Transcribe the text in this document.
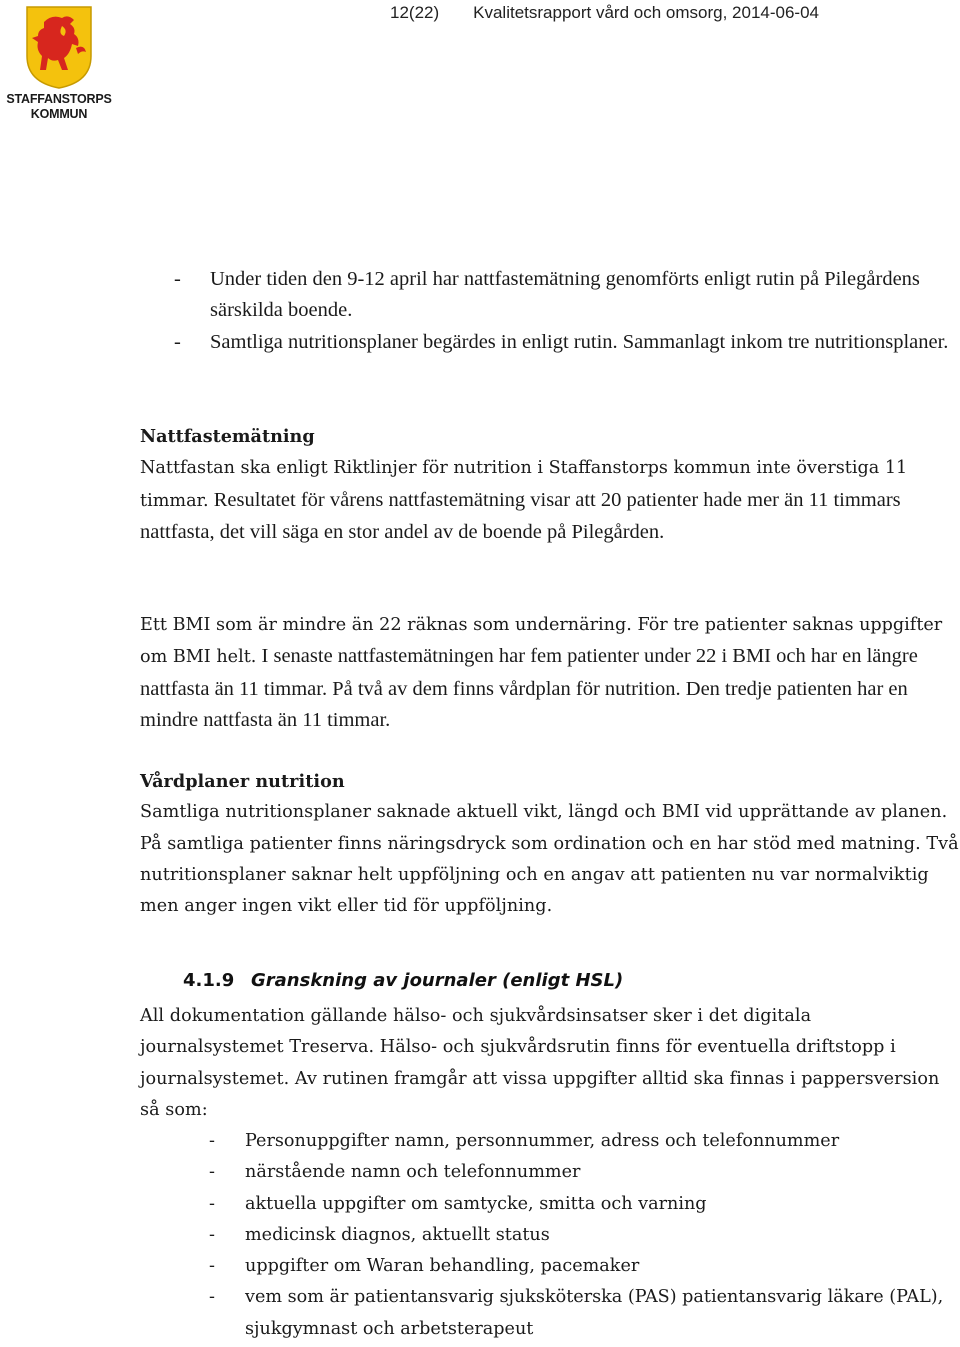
STAFFANSTORPS
KOMMUN
12(22) Kvalitetsrapport vård och omsorg, 2014-06-04
- Under tiden den 9-12 april har nattfastemätning genomförts enligt rutin på Pilegårdens särskilda boende.
- Samtliga nutritionsplaner begärdes in enligt rutin. Sammanlagt inkom tre nutritionsplaner.
Nattfastemätning
Nattfastan ska enligt Riktlinjer för nutrition i Staffanstorps kommun inte överstiga 11 timmar. Resultatet för vårens nattfastemätning visar att 20 patienter hade mer än 11 timmars nattfasta, det vill säga en stor andel av de boende på Pilegården.
Ett BMI som är mindre än 22 räknas som undernäring. För tre patienter saknas uppgifter om BMI helt. I senaste nattfastemätningen har fem patienter under 22 i BMI och har en längre nattfasta än 11 timmar. På två av dem finns vårdplan för nutrition. Den tredje patienten har en mindre nattfasta än 11 timmar.
Vårdplaner nutrition
Samtliga nutritionsplaner saknade aktuell vikt, längd och BMI vid upprättande av planen. På samtliga patienter finns näringsdryck som ordination och en har stöd med matning. Två nutritionsplaner saknar helt uppföljning och en angav att patienten nu var normalviktig men anger ingen vikt eller tid för uppföljning.
4.1.9 Granskning av journaler (enligt HSL)
All dokumentation gällande hälso- och sjukvårdsinsatser sker i det digitala journalsystemet Treserva. Hälso- och sjukvårdsrutin finns för eventuella driftstopp i journalsystemet. Av rutinen framgår att vissa uppgifter alltid ska finnas i pappersversion så som:
- Personuppgifter namn, personnummer, adress och telefonnummer
- närstående namn och telefonnummer
- aktuella uppgifter om samtycke, smitta och varning
- medicinsk diagnos, aktuellt status
- uppgifter om Waran behandling, pacemaker
- vem som är patientansvarig sjuksköterska (PAS) patientansvarig läkare (PAL), sjukgymnast och arbetsterapeut
